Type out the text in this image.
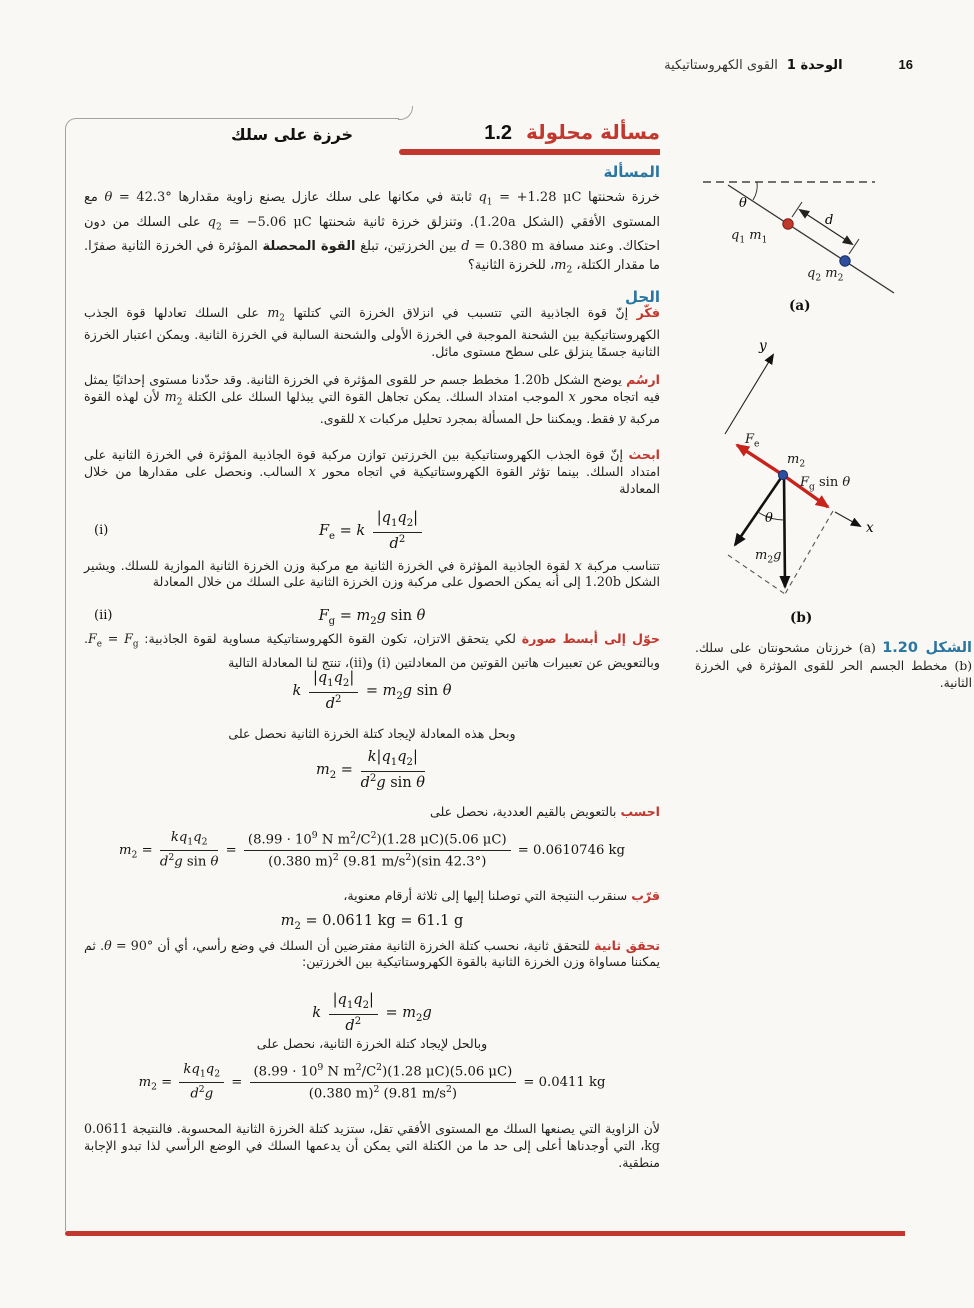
16
الوحدة 1
القوى الكهروستاتيكية
مسألة محلولة 1.2
خرزة على سلك
المسألة
خرزة شحنتها $q_1 = +1.28$ μC ثابتة في مكانها على سلك عازل يصنع زاوية مقدارها θ = 42.3° مع المستوى الأفقي (الشكل 1.20a). وتنزلق خرزة ثانية شحنتها $q_2 = -5.06$ μC على السلك من دون احتكاك. وعند مسافة d = 0.380 m بين الخرزتين، تبلغ القوة المحصلة المؤثرة في الخرزة الثانية صفرًا. ما مقدار الكتلة، $m_2،$ للخرزة الثانية؟
الحل
فكّر إنّ قوة الجاذبية التي تتسبب في انزلاق الخرزة التي كتلتها $m_2$ على السلك تعادلها قوة الجذب الكهروستاتيكية بين الشحنة الموجبة في الخرزة الأولى والشحنة السالبة في الخرزة الثانية. ويمكن اعتبار الخرزة الثانية جسمًا ينزلق على سطح مستوى مائل.
ارسُم يوضح الشكل 1.20b مخطط جسم حر للقوى المؤثرة في الخرزة الثانية. وقد حدّدنا مستوى إحداثيًا يمثل فيه اتجاه محور x الموجب امتداد السلك. يمكن تجاهل القوة التي يبذلها السلك على الكتلة $m_2$ لأن لهذه القوة مركبة y فقط. ويمكننا حل المسألة بمجرد تحليل مركبات x للقوى.
ابحث إنّ قوة الجذب الكهروستاتيكية بين الخرزتين توازن مركبة قوة الجاذبية المؤثرة في الخرزة الثانية على امتداد السلك. بينما تؤثر القوة الكهروستاتيكية في اتجاه محور x السالب. ونحصل على مقدارها من خلال المعادلة
(i)	$F_e = k \frac{|q_1q_2|}{d^2}$
تتناسب مركبة x لقوة الجاذبية المؤثرة في الخرزة الثانية مع مركبة وزن الخرزة الثانية الموازية للسلك. ويشير الشكل 1.20b إلى أنه يمكن الحصول على مركبة وزن الخرزة الثانية على السلك من خلال المعادلة
(ii)	$F_g = m_2g$ sin θ
حوّل إلى أبسط صورة لكي يتحقق الاتزان، تكون القوة الكهروستاتيكية مساوية لقوة الجاذبية: $F_e = F_g$. وبالتعويض عن تعبيرات هاتين القوتين من المعادلتين (i) و(ii)، تنتج لنا المعادلة التالية
k $\frac{|q_1q_2|}{d^2} = m_2g$ sin θ
وبحل هذه المعادلة لإيجاد كتلة الخرزة الثانية نحصل على
$m_2 = \frac{k|q_1q_2|}{d^2g \sin \theta}$
احسب بالتعويض بالقيم العددية، نحصل على
$m_2 = \frac{kq_1q_2}{d^2g \sin \theta} = \frac{(8.99 \cdot 10^9 N m^2/C^2)(1.28 \mu C)(5.06 \mu C)}{(0.380 m)^2 (9.81 m/s^2)(\sin 42.3^\circ)} = 0.0610746$ kg
قرّب سنقرب النتيجة التي توصلنا إليها إلى ثلاثة أرقام معنوية،
$m_2 = 0.0611$ kg = 61.1 g
تحقق ثانية للتحقق ثانية، نحسب كتلة الخرزة الثانية مفترضين أن السلك في وضع رأسي، أي أن θ = 90°. ثم يمكننا مساواة وزن الخرزة الثانية بالقوة الكهروستاتيكية بين الخرزتين:
k $\frac{|q_1q_2|}{d^2} = m_2g$
وبالحل لإيجاد كتلة الخرزة الثانية، نحصل على
$m_2 = \frac{kq_1q_2}{d^2g} = \frac{(8.99 \cdot 10^9 N m^2/C^2)(1.28 \mu C)(5.06 \mu C)}{(0.380 m)^2 (9.81 m/s^2)} = 0.0411$ kg
لأن الزاوية التي يصنعها السلك مع المستوى الأفقي تقل، ستزيد كتلة الخرزة الثانية المحسوبة. فالنتيجة 0.0611 kg، التي أوجدناها أعلى إلى حد ما من الكتلة التي يمكن أن يدعمها السلك في الوضع الرأسي لذا تبدو الإجابة منطقية.
θ
d
$q_1$ $m_1$
$q_2$ $m_2$
(a)
y
x
θ
$F_e$
$F_g$ sin θ
$m_2$
$m_2g$
(b)
الشكل 1.20 (a) خرزتان مشحونتان على سلك. (b) مخطط الجسم الحر للقوى المؤثرة في الخرزة الثانية.
